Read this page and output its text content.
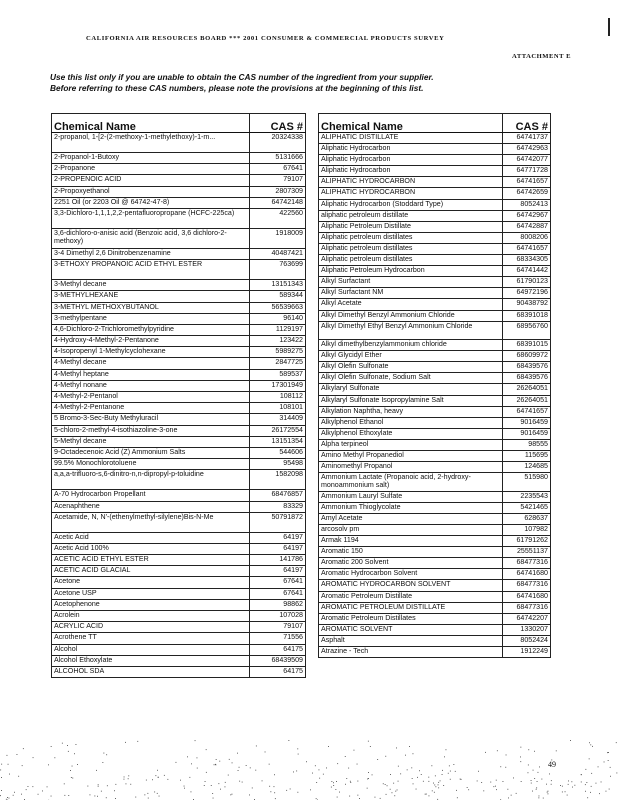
CALIFORNIA AIR RESOURCES BOARD *** 2001 CONSUMER & COMMERCIAL PRODUCTS SURVEY
ATTACHMENT E
Use this list only if you are unable to obtain the CAS number of the ingredient from your supplier.
Before referring to these CAS numbers, please note the provisions at the beginning of this list.
Chemical Name	CAS #
2-propanol, 1-[2-(2-methoxy-1-methylethoxy)-1-m...	20324338
2-Propanol-1-Butoxy	5131666
2-Propanone	67641
2-PROPENOIC ACID	79107
2-Propoxyethanol	2807309
2251 Oil (or 2203 Oil @ 64742-47-8)	64742148
3,3-Dichloro-1,1,1,2,2-pentafluoropropane (HCFC-225ca)	422560
3,6-dichloro-o-anisic acid (Benzoic acid, 3,6 dichloro-2-methoxy)	1918009
3-4 Dimethyl 2,6 Dinitrobenzenamine	40487421
3-ETHOXY PROPANOIC ACID ETHYL ESTER	763699
3-Methyl decane	13151343
3-METHYLHEXANE	589344
3-METHYL METHOXYBUTANOL	56539663
3-methylpentane	96140
4,6-Dichloro-2-Trichloromethylpyridine	1129197
4-Hydroxy-4-Methyl-2-Pentanone	123422
4-Isopropenyl 1-Methylcyclohexane	5989275
4-Methyl decane	2847725
4-Methyl heptane	589537
4-Methyl nonane	17301949
4-Methyl-2-Pentanol	108112
4-Methyl-2-Pentanone	108101
5 Bromo-3-Sec-Buty Methyluracil	314409
5-chloro-2-methyl-4-isothiazoline-3-one	26172554
5-Methyl decane	13151354
9-Octadecenoic Acid (Z) Ammonium Salts	544606
99.5% Monochlorotoluene	95498
a,a,a-trifluoro-s,6-dinitro-n,n-dipropyl-p-toluidine	1582098
A-70 Hydrocarbon Propellant	68476857
Acenaphthene	83329
Acetamide, N, N'-(ethenylmethyl-silylene)Bis-N-Me	50791872
Acetic Acid	64197
Acetic Acid 100%	64197
ACETIC ACID ETHYL ESTER	141786
ACETIC ACID GLACIAL	64197
Acetone	67641
Acetone USP	67641
Acetophenone	98862
Acrolein	107028
ACRYLIC ACID	79107
Acrothene TT	71556
Alcohol	64175
Alcohol Ethoxylate	68439509
ALCOHOL SDA	64175
Chemical Name	CAS #
ALIPHATIC DISTILLATE	64741737
Aliphatic Hydrocarbon	64742963
Aliphatic Hydrocarbon	64742077
Aliphatic Hydrocarbon	64771728
ALIPHATIC HYDROCARBON	64741657
ALIPHATIC HYDROCARBON	64742659
Aliphatic Hydrocarbon (Stoddard Type)	8052413
aliphatic petroleum distillate	64742967
Aliphatic Petroleum Distillate	64742887
Aliphatic petroleum distillates	8008206
Aliphatic petroleum distillates	64741657
Aliphatic petroleum distillates	68334305
Aliphatic Petroleum Hydrocarbon	64741442
Alkyl Surfactant	61790123
Alkyl Surfactant NM	64972196
Alkyl Acetate	90438792
Alkyl Dimethyl Benzyl Ammonium Chloride	68391018
Alkyl Dimethyl Ethyl Benzyl Ammonium Chloride	68956760
Alkyl dimethylbenzylammonium chloride	68391015
Alkyl Glycidyl Ether	68609972
Alkyl Olefin Sulfonate	68439576
Alkyl Olefin Sulfonate, Sodium Salt	68439576
Alkylaryl Sulfonate	26264051
Alkylaryl Sulfonate Isopropylamine Salt	26264051
Alkylation Naphtha, heavy	64741657
Alkylphenol Ethanol	9016459
Alkylphenol Ethoxylate	9016459
Alpha terpineol	98555
Amino Methyl Propanediol	115695
Aminomethyl Propanol	124685
Ammonium Lactate (Propanoic acid, 2-hydroxy-monoammonium salt)	515980
Ammonium Lauryl Sulfate	2235543
Ammonium Thioglycolate	5421465
Amyl Acetate	628637
arcosolv pm	107982
Armak 1194	61791262
Aromatic 150	25551137
Aromatic 200 Solvent	68477316
Aromatic Hydrocarbon Solvent	64741680
AROMATIC HYDROCARBON SOLVENT	68477316
Aromatic Petroleum Distillate	64741680
AROMATIC PETROLEUM DISTILLATE	68477316
Aromatic Petroleum Distillates	64742207
AROMATIC SOLVENT	1330207
Asphalt	8052424
Atrazine - Tech	1912249
49
